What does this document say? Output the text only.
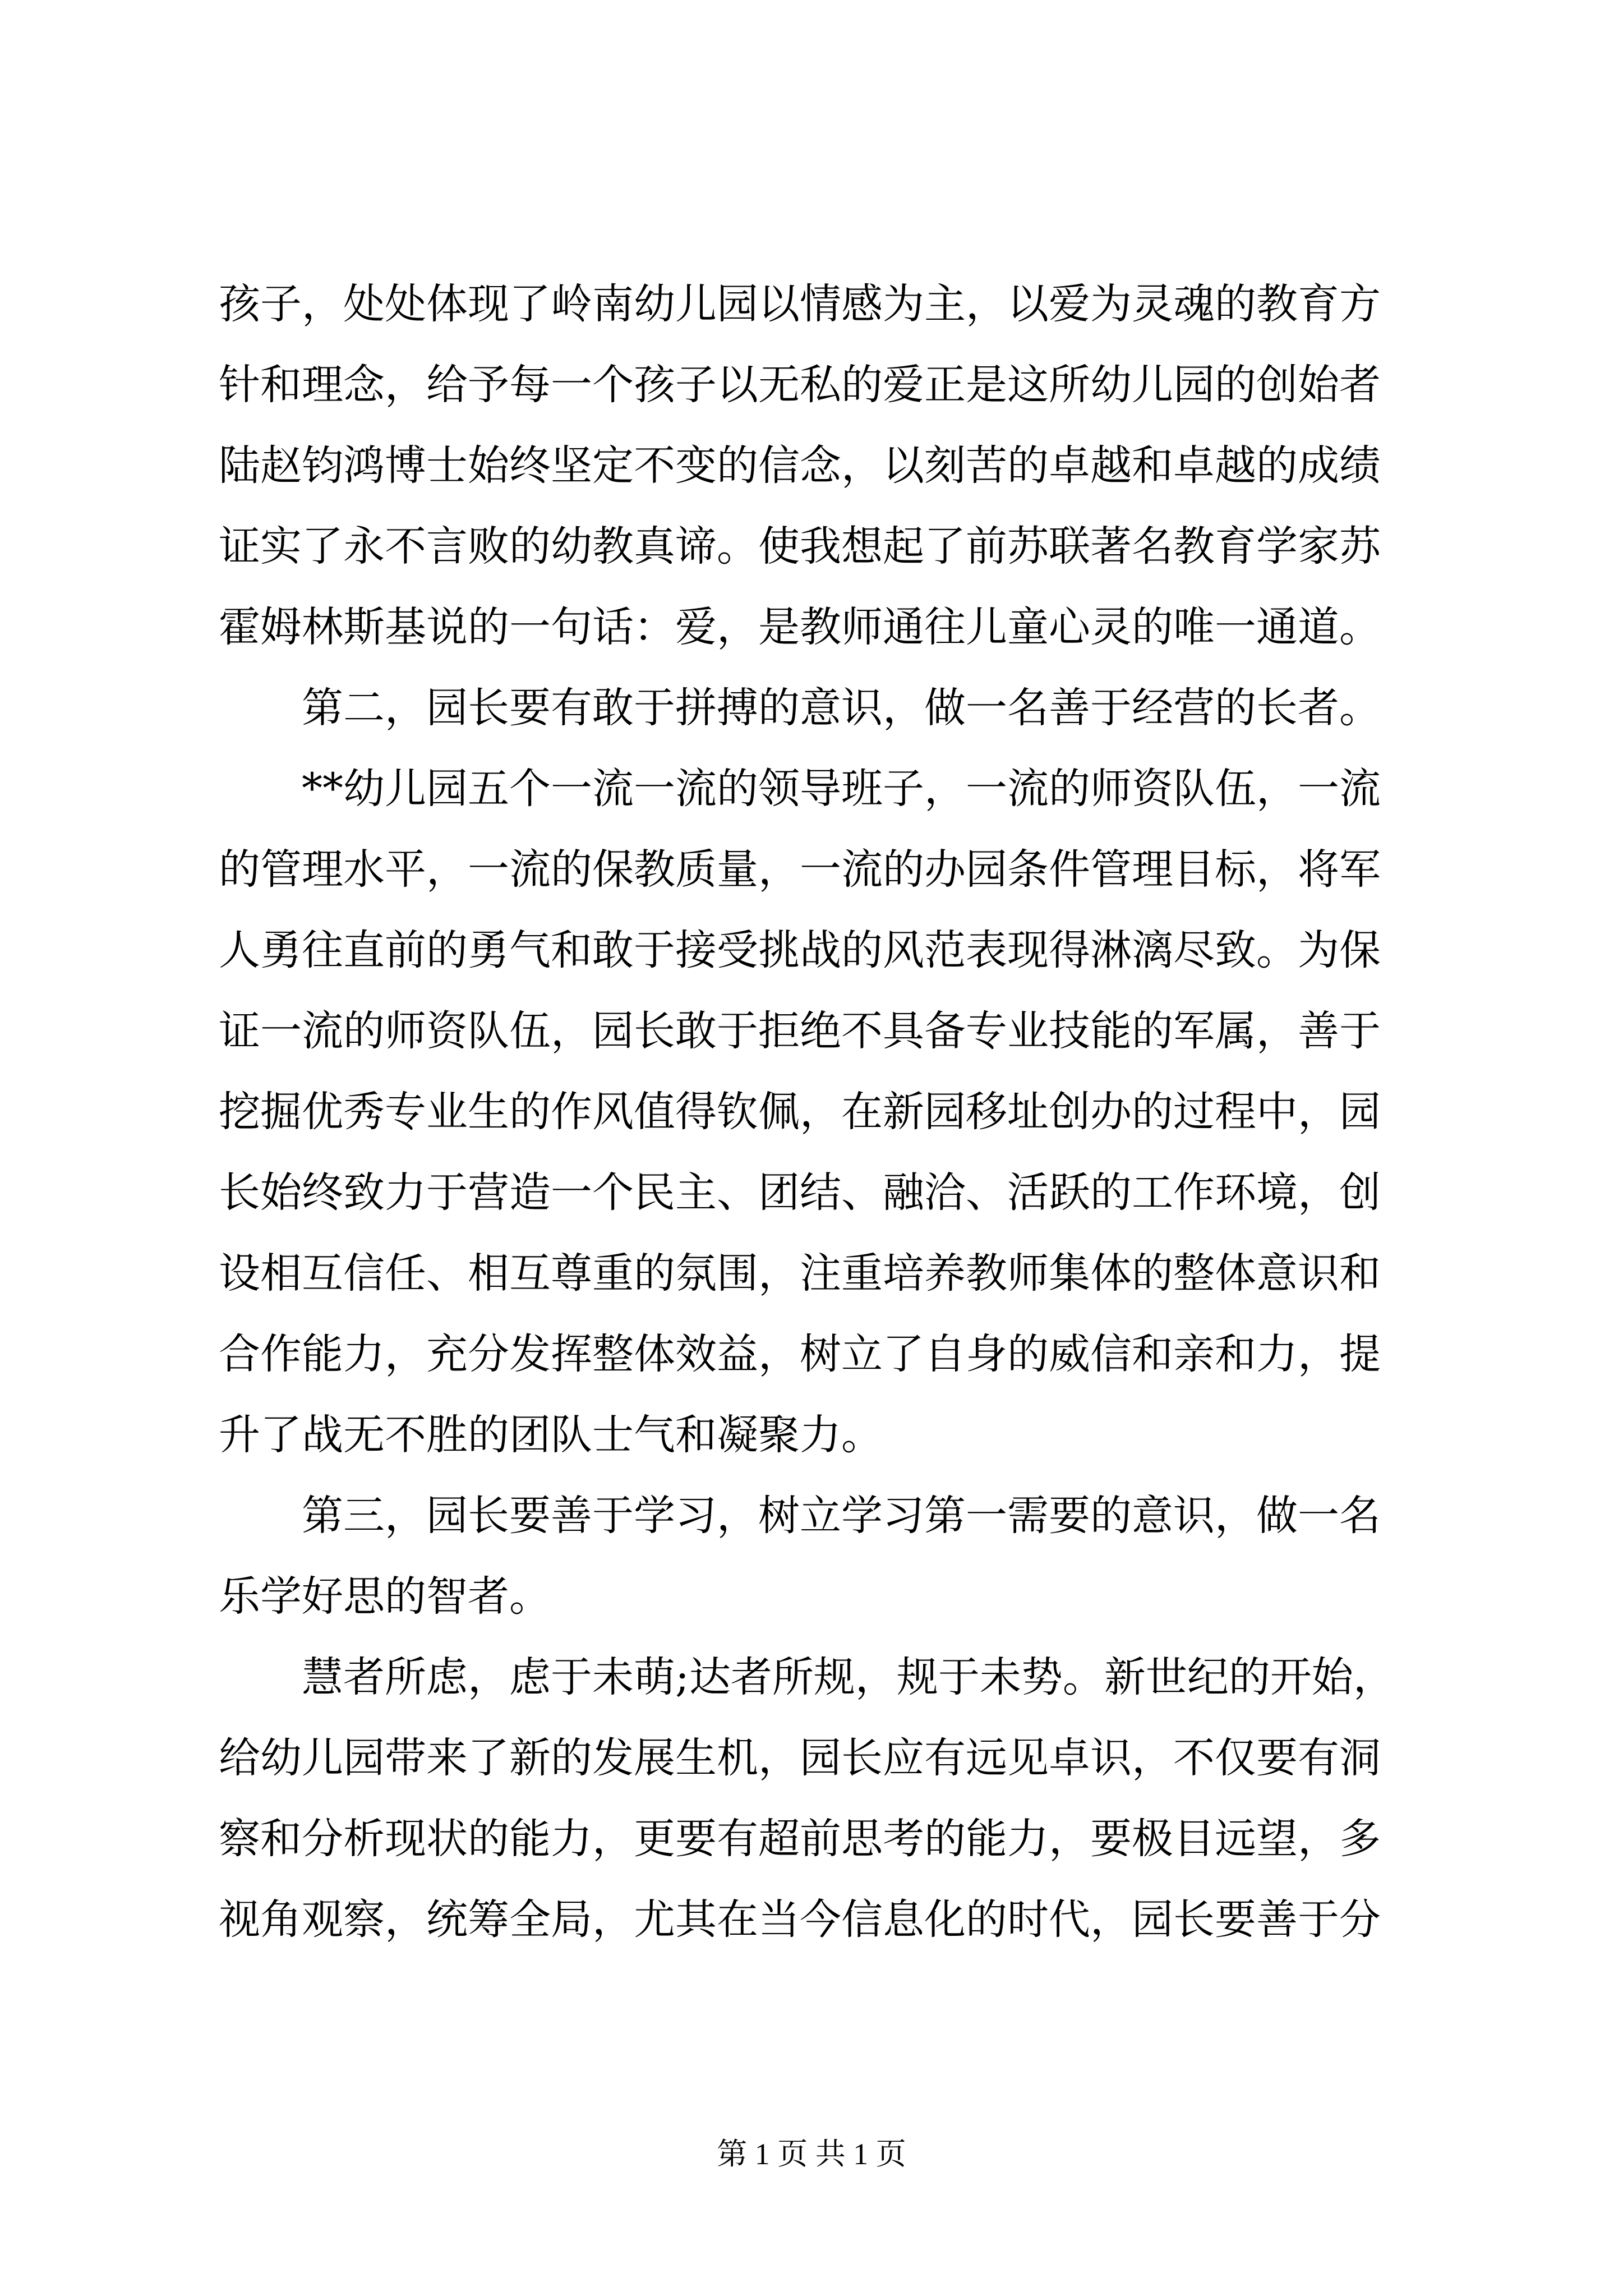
孩子，处处体现了岭南幼儿园以情感为主，以爱为灵魂的教育方
针和理念，给予每一个孩子以无私的爱正是这所幼儿园的创始者
陆赵钧鸿博士始终坚定不变的信念，以刻苦的卓越和卓越的成绩
证实了永不言败的幼教真谛。使我想起了前苏联著名教育学家苏
霍姆林斯基说的一句话：爱，是教师通往儿童心灵的唯一通道。
第二，园长要有敢于拼搏的意识，做一名善于经营的长者。
**幼儿园五个一流一流的领导班子，一流的师资队伍，一流
的管理水平，一流的保教质量，一流的办园条件管理目标，将军
人勇往直前的勇气和敢于接受挑战的风范表现得淋漓尽致。为保
证一流的师资队伍，园长敢于拒绝不具备专业技能的军属，善于
挖掘优秀专业生的作风值得钦佩，在新园移址创办的过程中，园
长始终致力于营造一个民主、团结、融洽、活跃的工作环境，创
设相互信任、相互尊重的氛围，注重培养教师集体的整体意识和
合作能力，充分发挥整体效益，树立了自身的威信和亲和力，提
升了战无不胜的团队士气和凝聚力。
第三，园长要善于学习，树立学习第一需要的意识，做一名
乐学好思的智者。
慧者所虑，虑于未萌;达者所规，规于未势。新世纪的开始，
给幼儿园带来了新的发展生机，园长应有远见卓识，不仅要有洞
察和分析现状的能力，更要有超前思考的能力，要极目远望，多
视角观察，统筹全局，尤其在当今信息化的时代，园长要善于分
第 1 页 共 1 页
